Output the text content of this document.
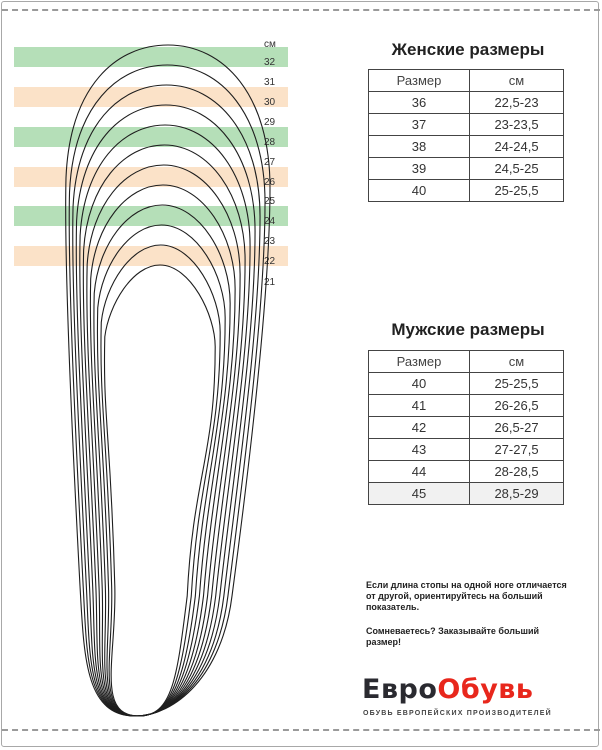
см
32
31
30
29
28
27
26
25
24
23
22
21
Женские размеры
Размер	см
36	22,5-23
37	23-23,5
38	24-24,5
39	24,5-25
40	25-25,5
Мужские размеры
Размер	см
40	25-25,5
41	26-26,5
42	26,5-27
43	27-27,5
44	28-28,5
45	28,5-29
Если длина стопы на одной ноге отличается от другой, ориентируйтесь на больший показатель.
Сомневаетесь? Заказывайте больший размер!
ЕвроОбувь
ОБУВЬ ЕВРОПЕЙСКИХ ПРОИЗВОДИТЕЛЕЙ
